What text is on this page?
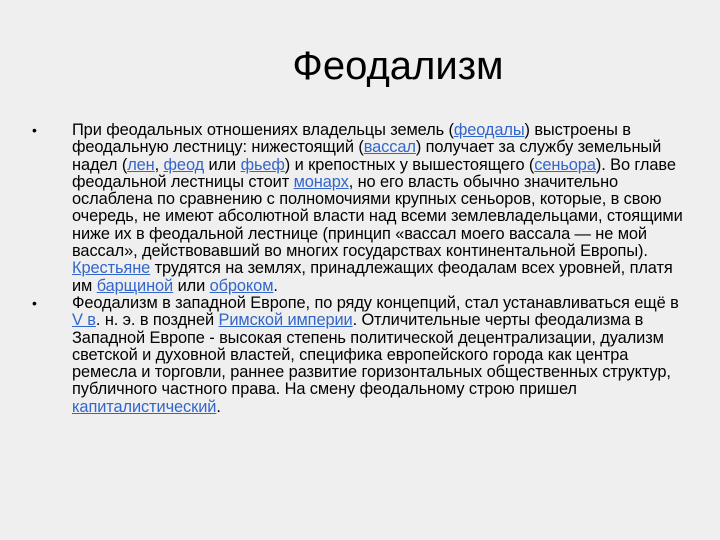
Феодализм
•	При феодальных отношениях владельцы земель (феодалы) выстроены в феодальную лестницу: нижестоящий (вассал) получает за службу земельный надел (лен, феод или фьеф) и крепостных у вышестоящего (сеньора). Во главе феодальной лестницы стоит монарх, но его власть обычно значительно ослаблена по сравнению с полномочиями крупных сеньоров, которые, в свою очередь, не имеют абсолютной власти над всеми землевладельцами, стоящими ниже их в феодальной лестнице (принцип «вассал моего вассала — не мой вассал», действовавший во многих государствах континентальной Европы). Крестьяне трудятся на землях, принадлежащих феодалам всех уровней, платя им барщиной или оброком.
•	Феодализм в западной Европе, по ряду концепций, стал устанавливаться ещё в V в. н. э. в поздней Римской империи. Отличительные черты феодализма в Западной Европе - высокая степень политической децентрализации, дуализм светской и духовной властей, специфика европейского города как центра ремесла и торговли, раннее развитие горизонтальных общественных структур, публичного частного права. На смену феодальному строю пришел капиталистический.
